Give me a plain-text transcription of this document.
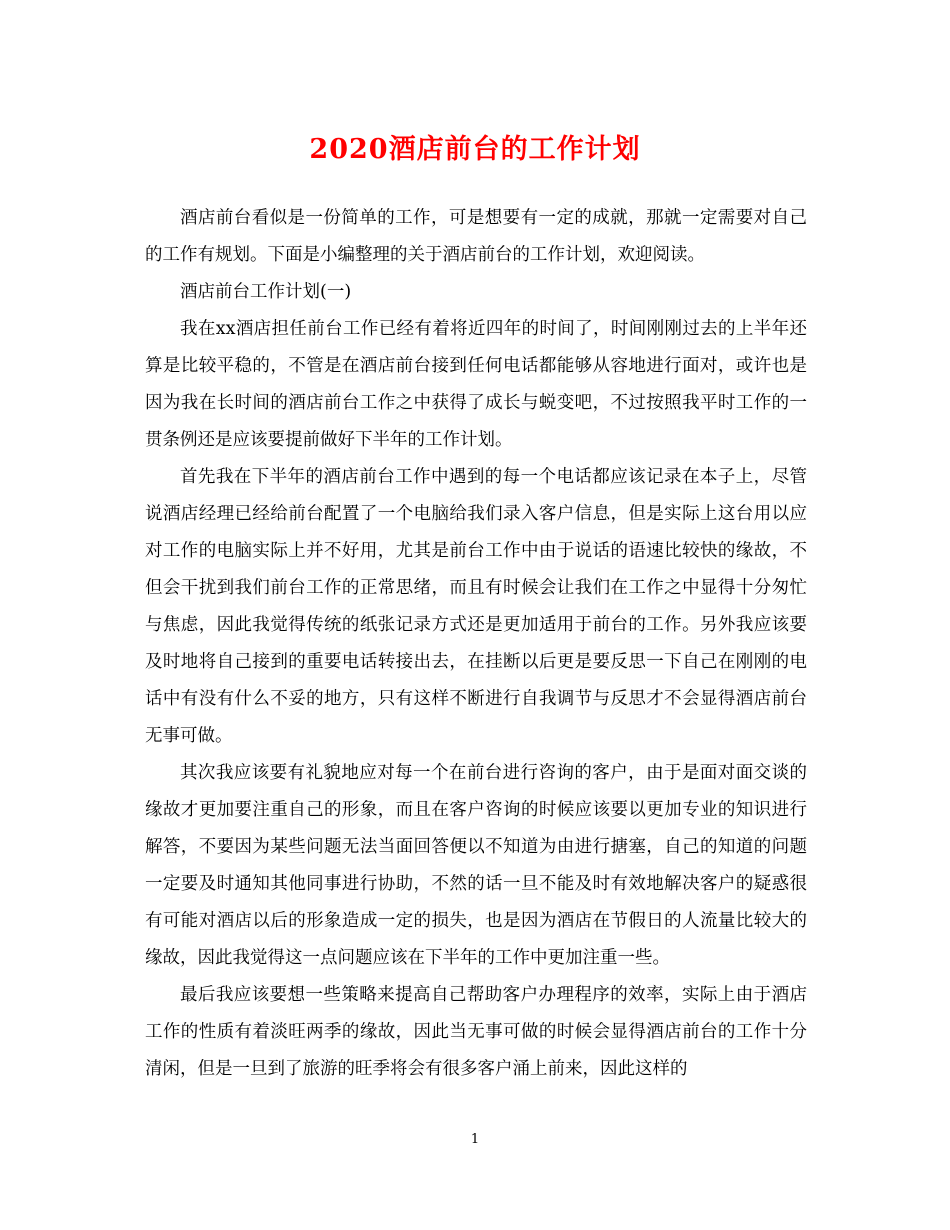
2020酒店前台的工作计划

酒店前台看似是一份简单的工作，可是想要有一定的成就，那就一定需要对自己的工作有规划。下面是小编整理的关于酒店前台的工作计划，欢迎阅读。

酒店前台工作计划(一)

我在xx酒店担任前台工作已经有着将近四年的时间了，时间刚刚过去的上半年还算是比较平稳的，不管是在酒店前台接到任何电话都能够从容地进行面对，或许也是因为我在长时间的酒店前台工作之中获得了成长与蜕变吧，不过按照我平时工作的一贯条例还是应该要提前做好下半年的工作计划。

首先我在下半年的酒店前台工作中遇到的每一个电话都应该记录在本子上，尽管说酒店经理已经给前台配置了一个电脑给我们录入客户信息，但是实际上这台用以应对工作的电脑实际上并不好用，尤其是前台工作中由于说话的语速比较快的缘故，不但会干扰到我们前台工作的正常思绪，而且有时候会让我们在工作之中显得十分匆忙与焦虑，因此我觉得传统的纸张记录方式还是更加适用于前台的工作。另外我应该要及时地将自己接到的重要电话转接出去，在挂断以后更是要反思一下自己在刚刚的电话中有没有什么不妥的地方，只有这样不断进行自我调节与反思才不会显得酒店前台无事可做。

其次我应该要有礼貌地应对每一个在前台进行咨询的客户，由于是面对面交谈的缘故才更加要注重自己的形象，而且在客户咨询的时候应该要以更加专业的知识进行解答，不要因为某些问题无法当面回答便以不知道为由进行搪塞，自己的知道的问题一定要及时通知其他同事进行协助，不然的话一旦不能及时有效地解决客户的疑惑很有可能对酒店以后的形象造成一定的损失，也是因为酒店在节假日的人流量比较大的缘故，因此我觉得这一点问题应该在下半年的工作中更加注重一些。

最后我应该要想一些策略来提高自己帮助客户办理程序的效率，实际上由于酒店工作的性质有着淡旺两季的缘故，因此当无事可做的时候会显得酒店前台的工作十分清闲，但是一旦到了旅游的旺季将会有很多客户涌上前来，因此这样的

1
